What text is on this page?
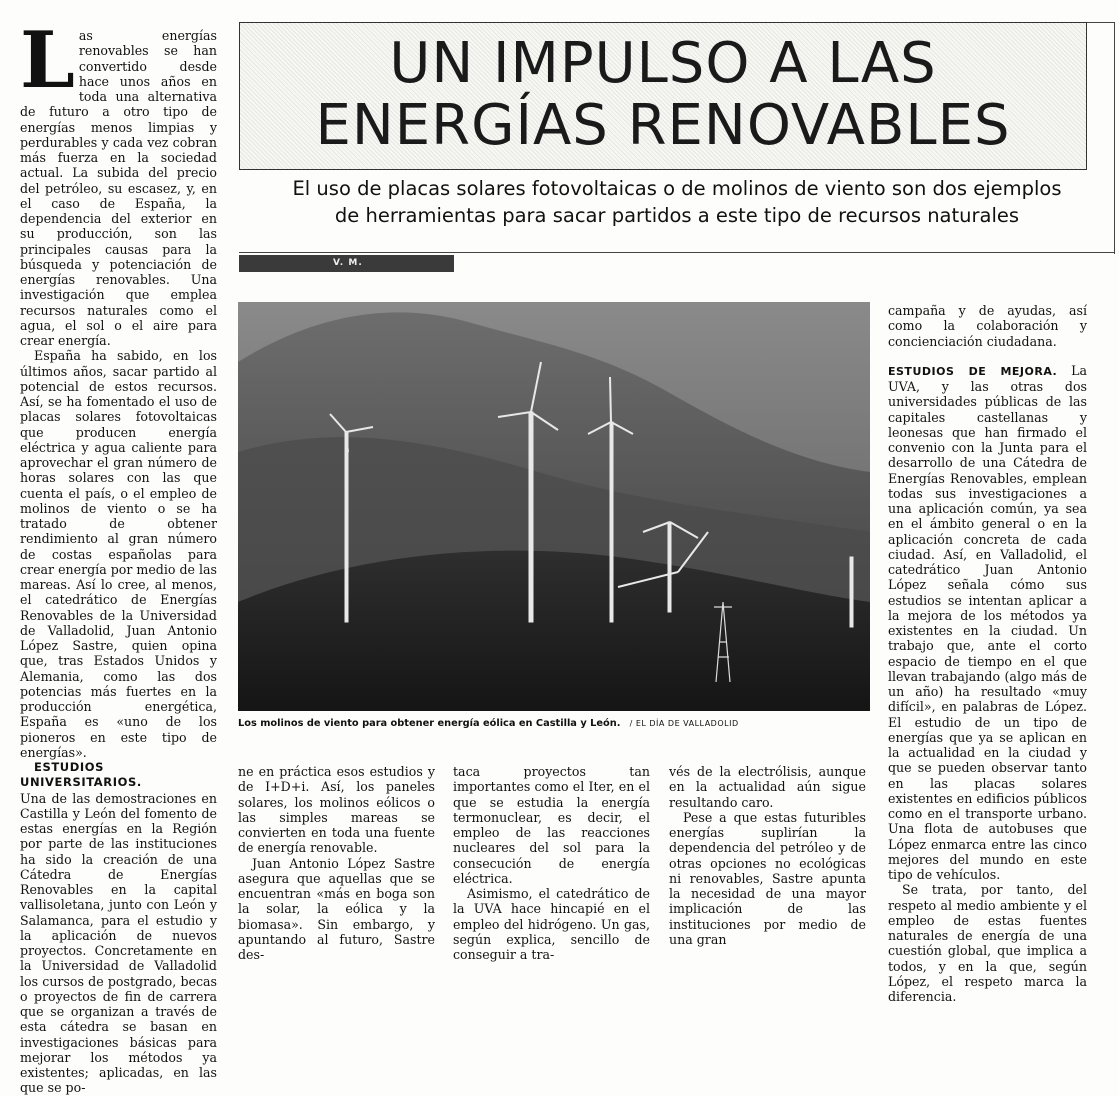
Las energías renovables se han convertido desde hace unos años en toda una alternativa de futuro a otro tipo de energías menos limpias y perdurables y cada vez cobran más fuerza en la sociedad actual. La subida del precio del petróleo, su escasez, y, en el caso de España, la dependencia del exterior en su producción, son las principales causas para la búsqueda y potenciación de energías renovables. Una investigación que emplea recursos naturales como el agua, el sol o el aire para crear energía.

España ha sabido, en los últimos años, sacar partido al potencial de estos recursos. Así, se ha fomentado el uso de placas solares fotovoltaicas que producen energía eléctrica y agua caliente para aprovechar el gran número de horas solares con las que cuenta el país, o el empleo de molinos de viento o se ha tratado de obtener rendimiento al gran número de costas españolas para crear energía por medio de las mareas. Así lo cree, al menos, el catedrático de Energías Renovables de la Universidad de Valladolid, Juan Antonio López Sastre, quien opina que, tras Estados Unidos y Alemania, como las dos potencias más fuertes en la producción energética, España es «uno de los pioneros en este tipo de energías».

ESTUDIOS UNIVERSITARIOS.

Una de las demostraciones en Castilla y León del fomento de estas energías en la Región por parte de las instituciones ha sido la creación de una Cátedra de Energías Renovables en la capital vallisoletana, junto con León y Salamanca, para el estudio y la aplicación de nuevos proyectos. Concretamente en la Universidad de Valladolid los cursos de postgrado, becas o proyectos de fin de carrera que se organizan a través de esta cátedra se basan en investigaciones básicas para mejorar los métodos ya existentes; aplicadas, en las que se po-

UN IMPULSO A LAS
ENERGÍAS RENOVABLES
El uso de placas solares fotovoltaicas o de molinos de viento son dos ejemplos
de herramientas para sacar partidos a este tipo de recursos naturales
V. M.
Los molinos de viento para obtener energía eólica en Castilla y León. / EL DÍA DE VALLADOLID

ne en práctica esos estudios y de I+D+i. Así, los paneles solares, los molinos eólicos o las simples mareas se convierten en toda una fuente de energía renovable.

Juan Antonio López Sastre asegura que aquellas que se encuentran «más en boga son la solar, la eólica y la biomasa». Sin embargo, y apuntando al futuro, Sastre des-

taca proyectos tan importantes como el Iter, en el que se estudia la energía termonuclear, es decir, el empleo de las reacciones nucleares del sol para la consecución de energía eléctrica.

Asimismo, el catedrático de la UVA hace hincapié en el empleo del hidrógeno. Un gas, según explica, sencillo de conseguir a tra-

vés de la electrólisis, aunque en la actualidad aún sigue resultando caro.

Pese a que estas futuribles energías suplirían la dependencia del petróleo y de otras opciones no ecológicas ni renovables, Sastre apunta la necesidad de una mayor implicación de las instituciones por medio de una gran

campaña y de ayudas, así como la colaboración y concienciación ciudadana.

ESTUDIOS DE MEJORA. La UVA, y las otras dos universidades públicas de las capitales castellanas y leonesas que han firmado el convenio con la Junta para el desarrollo de una Cátedra de Energías Renovables, emplean todas sus investigaciones a una aplicación común, ya sea en el ámbito general o en la aplicación concreta de cada ciudad. Así, en Valladolid, el catedrático Juan Antonio López señala cómo sus estudios se intentan aplicar a la mejora de los métodos ya existentes en la ciudad. Un trabajo que, ante el corto espacio de tiempo en el que llevan trabajando (algo más de un año) ha resultado «muy difícil», en palabras de López. El estudio de un tipo de energías que ya se aplican en la actualidad en la ciudad y que se pueden observar tanto en las placas solares existentes en edificios públicos como en el transporte urbano. Una flota de autobuses que López enmarca entre las cinco mejores del mundo en este tipo de vehículos.

Se trata, por tanto, del respeto al medio ambiente y el empleo de estas fuentes naturales de energía de una cuestión global, que implica a todos, y en la que, según López, el respeto marca la diferencia.
